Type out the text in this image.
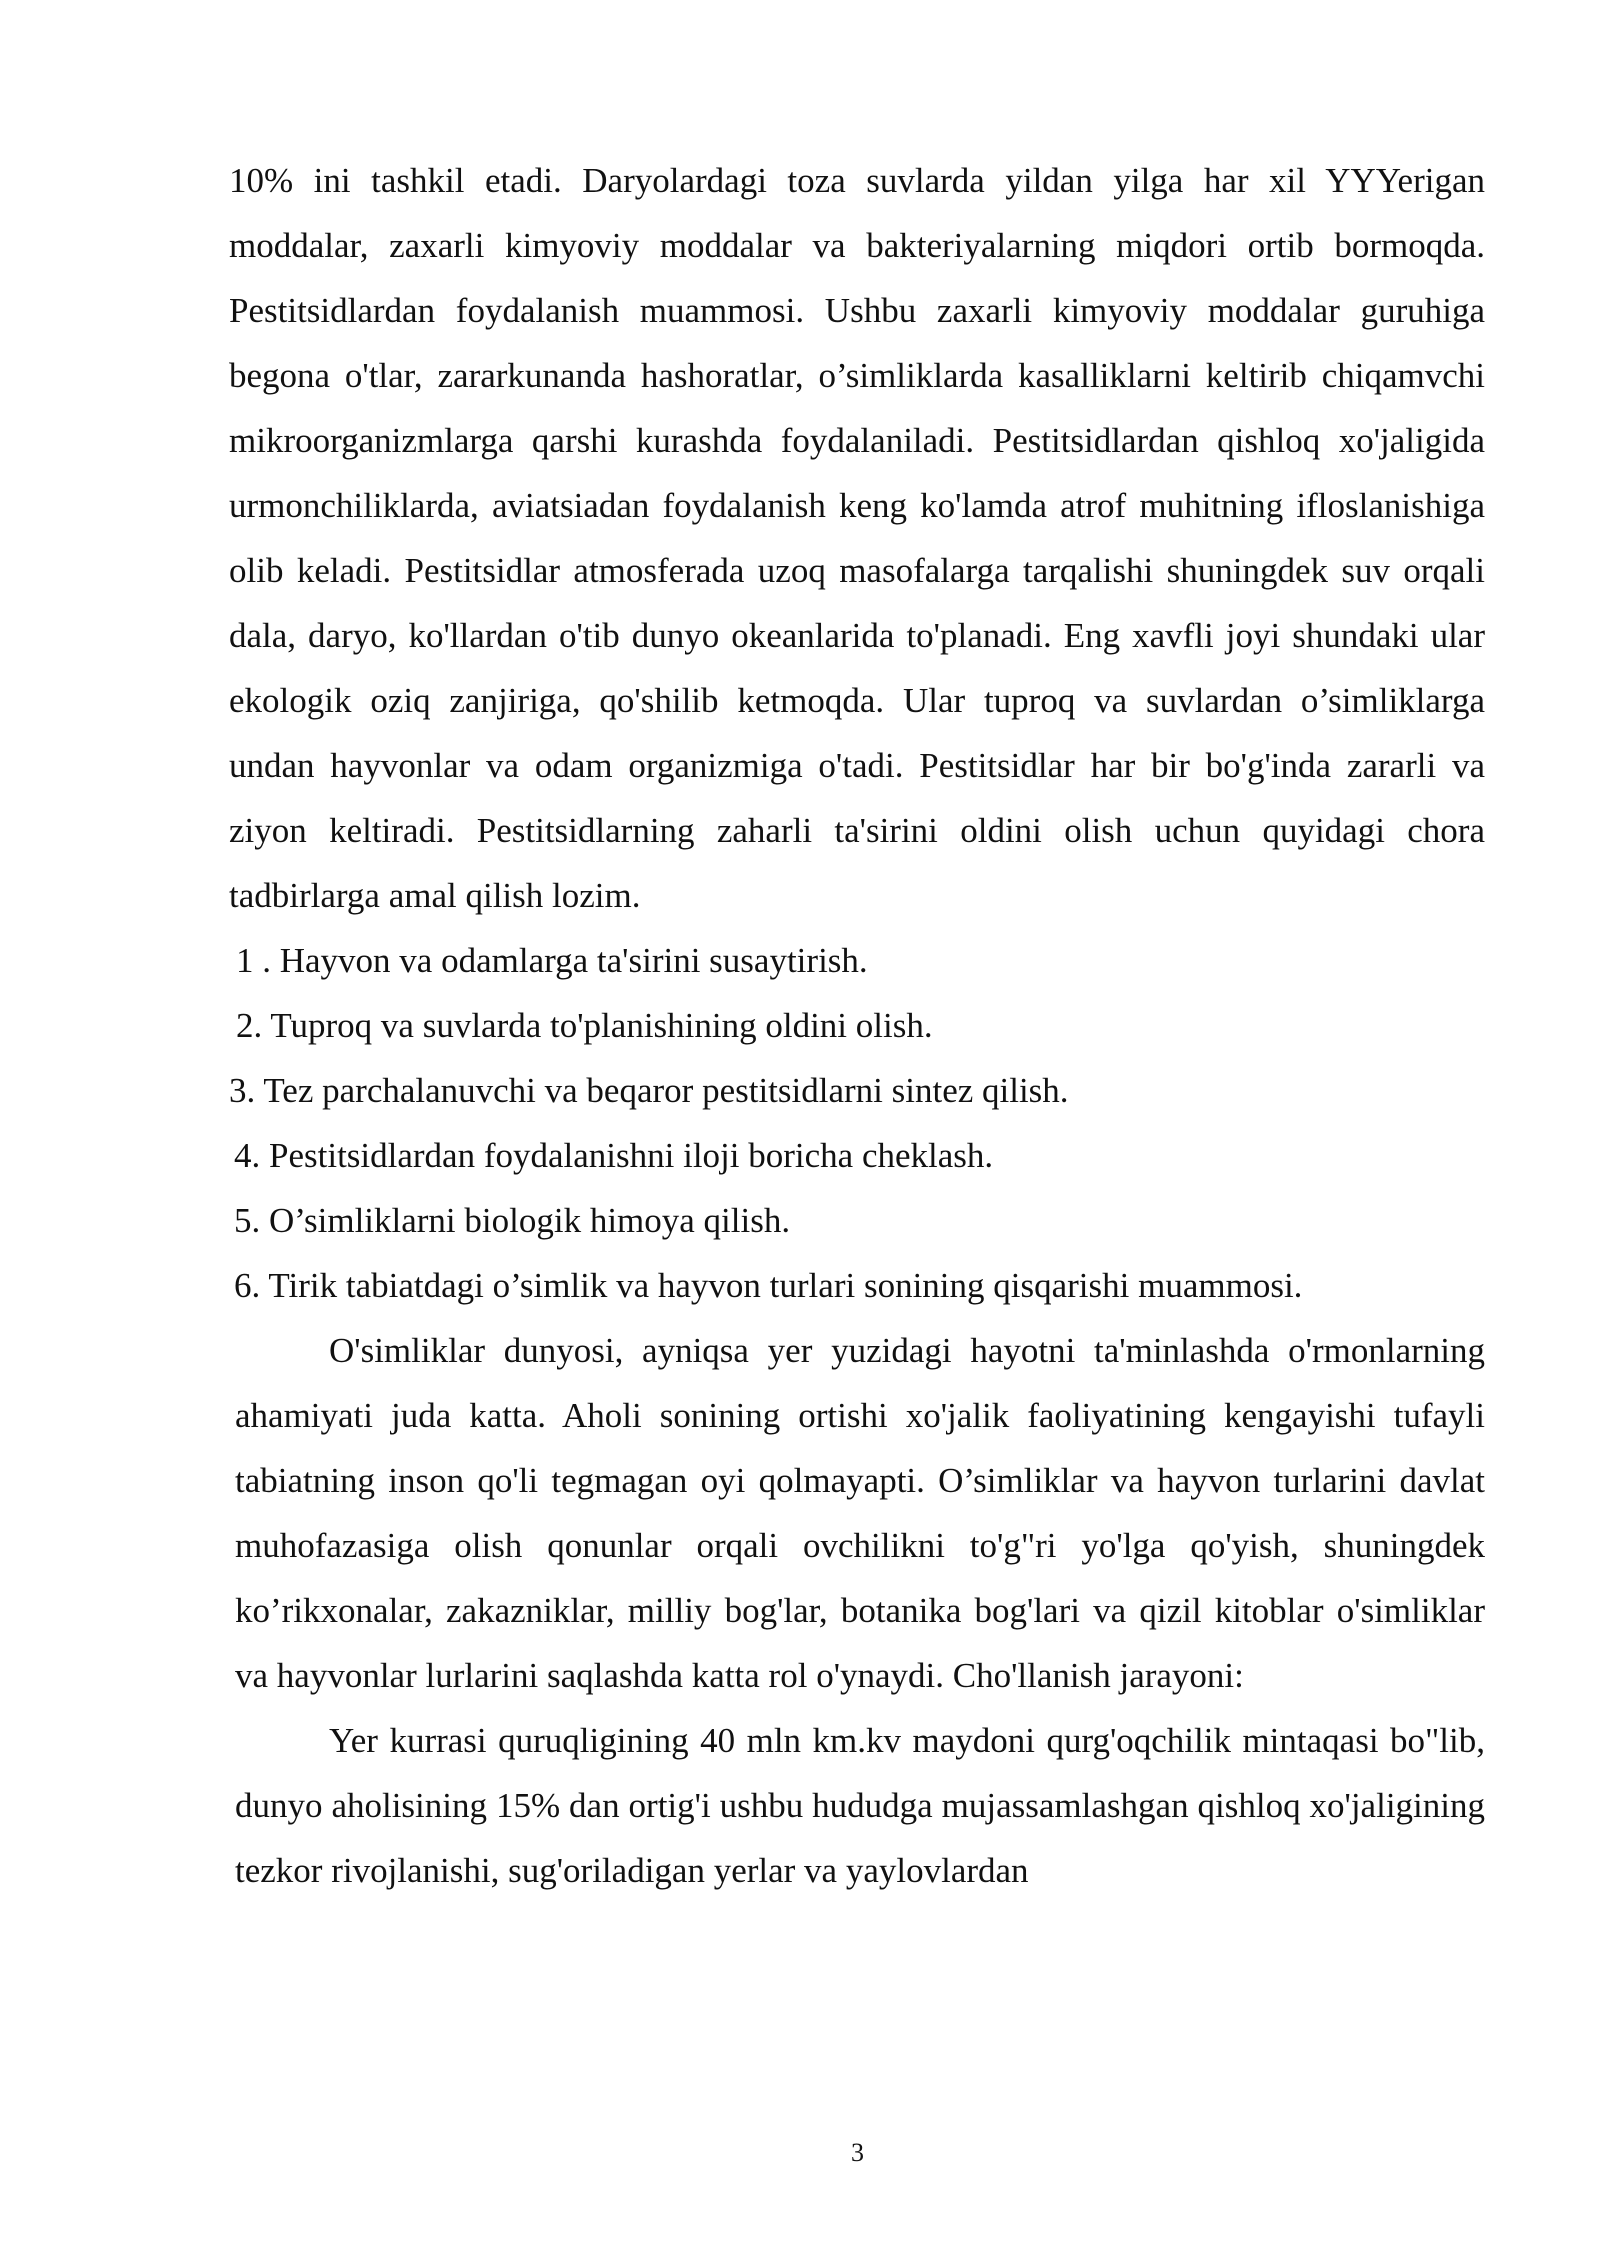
10% ini tashkil etadi. Daryolardagi toza suvlarda yildan yilga har xil YYYerigan moddalar, zaxarli kimyoviy moddalar va bakteriyalarning miqdori ortib bormoqda. Pestitsidlardan foydalanish muammosi. Ushbu zaxarli kimyoviy moddalar guruhiga begona o'tlar, zararkunanda hashoratlar, o’simliklarda kasalliklarni keltirib chiqamvchi mikroorganizmlarga qarshi kurashda foydalaniladi. Pestitsidlardan qishloq xo'jaligida urmonchiliklarda, aviatsiadan foydalanish keng ko'lamda atrof muhitning ifloslanishiga olib keladi. Pestitsidlar atmosferada uzoq masofalarga tarqalishi shuningdek suv orqali dala, daryo, ko'llardan o'tib dunyo okeanlarida to'planadi. Eng xavfli joyi shundaki ular ekologik oziq zanjiriga, qo'shilib ketmoqda. Ular tuproq va suvlardan o’simliklarga undan hayvonlar va odam organizmiga o'tadi. Pestitsidlar har bir bo'g'inda zararli va ziyon keltiradi. Pestitsidlarning zaharli ta'sirini oldini olish uchun quyidagi chora tadbirlarga amal qilish lozim.

1 . Hayvon va odamlarga ta'sirini susaytirish.
2. Tuproq va suvlarda to'planishining oldini olish.
3. Tez parchalanuvchi va beqaror pestitsidlarni sintez qilish.
4. Pestitsidlardan foydalanishni iloji boricha cheklash.
5. O’simliklarni biologik himoya qilish.
6. Tirik tabiatdagi o’simlik va hayvon turlari sonining qisqarishi muammosi.

O'simliklar dunyosi, ayniqsa yer yuzidagi hayotni ta'minlashda o'rmonlarning ahamiyati juda katta. Aholi sonining ortishi xo'jalik faoliyatining kengayishi tufayli tabiatning inson qo'li tegmagan oyi qolmayapti. O’simliklar va hayvon turlarini davlat muhofazasiga olish qonunlar orqali ovchilikni to'g"ri yo'lga qo'yish, shuningdek ko’rikxonalar, zakazniklar, milliy bog'lar, botanika bog'lari va qizil kitoblar o'simliklar va hayvonlar lurlarini saqlashda katta rol o'ynaydi. Cho'llanish jarayoni:

Yer kurrasi quruqligining 40 mln km.kv maydoni qurg'oqchilik mintaqasi bo"lib, dunyo aholisining 15% dan ortig'i ushbu hududga mujassamlashgan qishloq xo'jaligining tezkor rivojlanishi, sug'oriladigan yerlar va yaylovlardan

3
